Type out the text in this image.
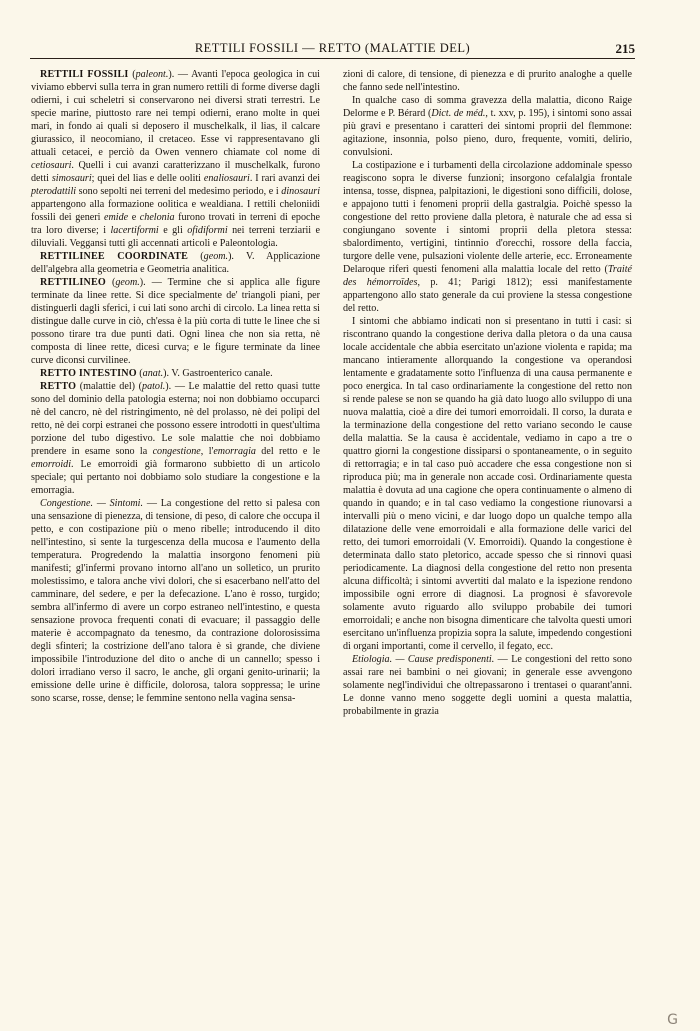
RETTILI FOSSILI — RETTO (MALATTIE DEL)	215

RETTILI FOSSILI (paleont.). — Avanti l'epoca geologica in cui viviamo ebbervi sulla terra in gran numero rettili di forme diverse dagli odierni, i cui scheletri si conservarono nei diversi strati terrestri. Le specie marine, piuttosto rare nei tempi odierni, erano molte in quei mari, in fondo ai quali si deposero il muschelkalk, il lias, il calcare giurassico, il neocomiano, il cretaceo. Esse vi rappresentavano gli attuali cetacei, e perciò da Owen vennero chiamate col nome di cetiosauri. Quelli i cui avanzi caratterizzano il muschelkalk, furono detti simosauri; quei del lias e delle ooliti enaliosauri. I rari avanzi dei pterodattili sono sepolti nei terreni del medesimo periodo, e i dinosauri appartengono alla formazione oolitica e wealdiana. I rettili cheloniidi fossili dei generi emide e chelonia furono trovati in terreni di epoche tra loro diverse; i lacertiformi e gli ofidiformi nei terreni terziarii e diluviali. Veggansi tutti gli accennati articoli e Paleontologia.

RETTILINEE COORDINATE (geom.). V. Applicazione dell'algebra alla geometria e Geometria analitica.

RETTILINEO (geom.). — Termine che si applica alle figure terminate da linee rette. Si dice specialmente de' triangoli piani, per distinguerli dagli sferici, i cui lati sono archi di circolo. La linea retta si distingue dalle curve in ciò, ch'essa è la più corta di tutte le linee che si possono tirare tra due punti dati. Ogni linea che non sia retta, nè composta di linee rette, dicesi curva; e le figure terminate da linee curve diconsi curvilinee.

RETTO INTESTINO (anat.). V. Gastroenterico canale.

RETTO (malattie del) (patol.). — Le malattie del retto quasi tutte sono del dominio della patologia esterna; noi non dobbiamo occuparci nè del cancro, nè del ristringimento, nè del prolasso, nè dei polipi del retto, nè dei corpi estranei che possono essere introdotti in quest'ultima porzione del tubo digestivo. Le sole malattie che noi dobbiamo prendere in esame sono la congestione, l'emorragia del retto e le emorroidi. Le emorroidi già formarono subbietto di un articolo speciale; qui pertanto noi dobbiamo solo studiare la congestione e la emorragia.

Congestione. — Sintomi. — La congestione del retto si palesa con una sensazione di pienezza, di tensione, di peso, di calore che occupa il petto, e con costipazione più o meno ribelle; introducendo il dito nell'intestino, si sente la turgescenza della mucosa e l'aumento della temperatura. Progredendo la malattia insorgono fenomeni più manifesti; gl'infermi provano intorno all'ano un solletico, un prurito molestissimo, e talora anche vivi dolori, che si esacerbano nell'atto del camminare, del sedere, e per la defecazione. L'ano è rosso, turgido; sembra all'infermo di avere un corpo estraneo nell'intestino, e questa sensazione provoca frequenti conati di evacuare; il passaggio delle materie è accompagnato da tenesmo, da contrazione dolorosissima degli sfinteri; la costrizione dell'ano talora è sì grande, che diviene impossibile l'introduzione del dito o anche di un cannello; spesso i dolori irradiano verso il sacro, le anche, gli organi genito-urinarii; la emissione delle urine è difficile, dolorosa, talora soppressa; le urine sono scarse, rosse, dense; le femmine sentono nella vagina sensa-

zioni di calore, di tensione, di pienezza e di prurito analoghe a quelle che fanno sede nell'intestino.

In qualche caso di somma gravezza della malattia, dicono Raige Delorme e P. Bérard (Dict. de méd., t. xxv, p. 195), i sintomi sono assai più gravi e presentano i caratteri dei sintomi proprii del flemmone: agitazione, insonnia, polso pieno, duro, frequente, vomiti, delirio, convulsioni.

La costipazione e i turbamenti della circolazione addominale spesso reagiscono sopra le diverse funzioni; insorgono cefalalgia frontale intensa, tosse, dispnea, palpitazioni, le digestioni sono difficili, dolose, e appajono tutti i fenomeni proprii della gastralgia. Poichè spesso la congestione del retto proviene dalla pletora, è naturale che ad essa si congiungano sovente i sintomi proprii della pletora stessa: sbalordimento, vertigini, tintinnio d'orecchi, rossore della faccia, turgore delle vene, pulsazioni violente delle arterie, ecc. Erroneamente Delaroque riferì questi fenomeni alla malattia locale del retto (Traité des hémorroïdes, p. 41; Parigi 1812); essi manifestamente appartengono allo stato generale da cui proviene la stessa congestione del retto.

I sintomi che abbiamo indicati non si presentano in tutti i casi: si riscontrano quando la congestione deriva dalla pletora o da una causa locale accidentale che abbia esercitato un'azione violenta e rapida; ma mancano intieramente allorquando la congestione va operandosi lentamente e gradatamente sotto l'influenza di una causa permanente e poco energica. In tal caso ordinariamente la congestione del retto non si rende palese se non se quando ha già dato luogo allo sviluppo di una nuova malattia, cioè a dire dei tumori emorroidali. Il corso, la durata e la terminazione della congestione del retto variano secondo le cause della malattia. Se la causa è accidentale, vediamo in capo a tre o quattro giorni la congestione dissiparsi o spontaneamente, o in seguito di rettorragia; e in tal caso può accadere che essa congestione non si riproduca più; ma in generale non accade così. Ordinariamente questa malattia è dovuta ad una cagione che opera continuamente o almeno di quando in quando; e in tal caso vediamo la congestione riunovarsi a intervalli più o meno vicini, e dar luogo dopo un qualche tempo alla dilatazione delle vene emorroidali e alla formazione delle varici del retto, dei tumori emorroidali (V. Emorroidi). Quando la congestione è determinata dallo stato pletorico, accade spesso che si rinnovi quasi periodicamente. La diagnosi della congestione del retto non presenta alcuna difficoltà; i sintomi avvertiti dal malato e la ispezione rendono impossibile ogni errore di diagnosi. La prognosi è sfavorevole solamente avuto riguardo allo sviluppo probabile dei tumori emorroidali; e anche non bisogna dimenticare che talvolta questi umori esercitano un'influenza propizia sopra la salute, impedendo congestioni di organi importanti, come il cervello, il fegato, ecc.

Etiologia. — Cause predisponenti. — Le congestioni del retto sono assai rare nei bambini o nei giovani; in generale esse avvengono solamente negl'individui che oltrepassarono i trentasei o quarant'anni. Le donne vanno meno soggette degli uomini a questa malattia, probabilmente in grazia

G
